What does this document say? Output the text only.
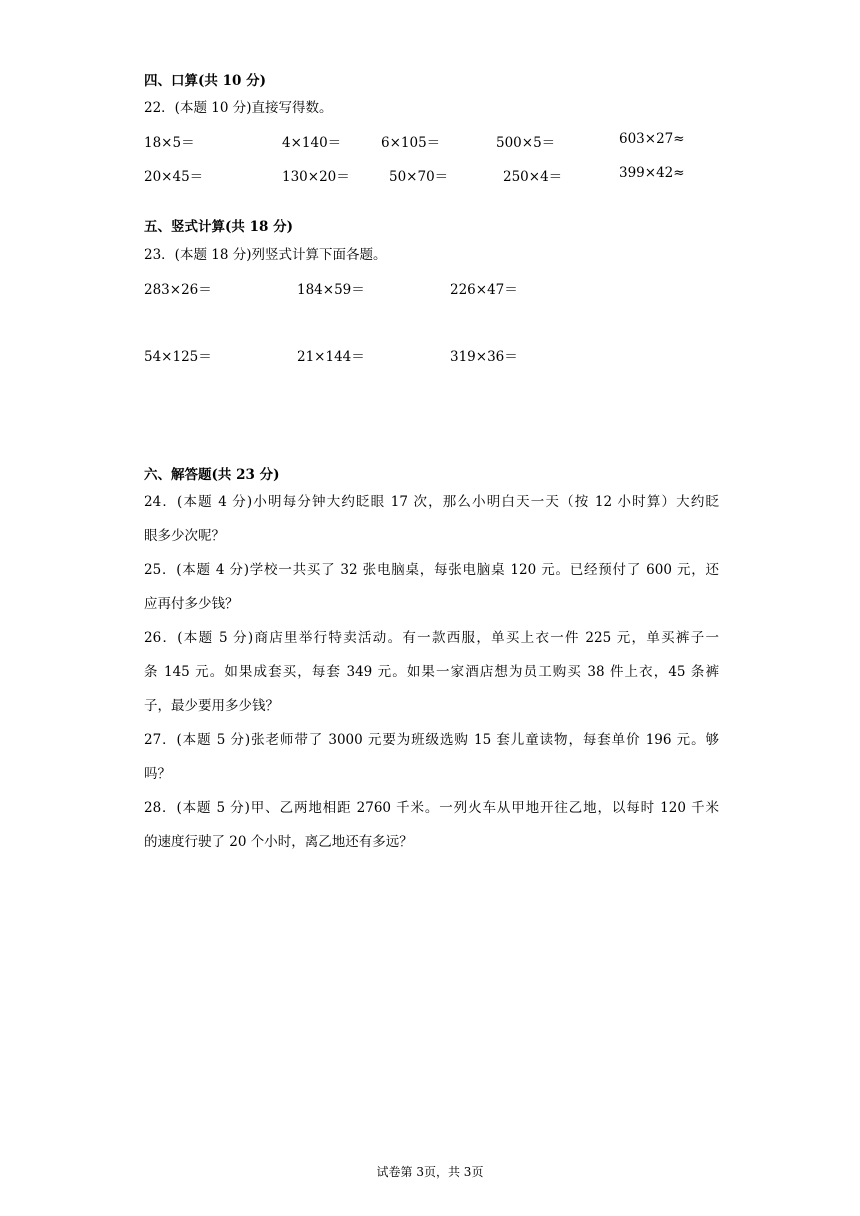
四、口算(共 10 分)
22．(本题 10 分)直接写得数。
18×5＝	4×140＝	6×105＝	500×5＝	603×27≈
20×45＝	130×20＝	50×70＝	250×4＝	399×42≈
五、竖式计算(共 18 分)
23．(本题 18 分)列竖式计算下面各题。
283×26＝	184×59＝	226×47＝
54×125＝	21×144＝	319×36＝
六、解答题(共 23 分)
24．(本题 4 分)小明每分钟大约眨眼 17 次，那么小明白天一天（按 12 小时算）大约眨
眼多少次呢？
25．(本题 4 分)学校一共买了 32 张电脑桌，每张电脑桌 120 元。已经预付了 600 元，还
应再付多少钱？
26．(本题 5 分)商店里举行特卖活动。有一款西服，单买上衣一件 225 元，单买裤子一
条 145 元。如果成套买，每套 349 元。如果一家酒店想为员工购买 38 件上衣，45 条裤
子，最少要用多少钱？
27．(本题 5 分)张老师带了 3000 元要为班级选购 15 套儿童读物，每套单价 196 元。够
吗？
28．(本题 5 分)甲、乙两地相距 2760 千米。一列火车从甲地开往乙地，以每时 120 千米
的速度行驶了 20 个小时，离乙地还有多远？
试卷第 3页，共 3页
